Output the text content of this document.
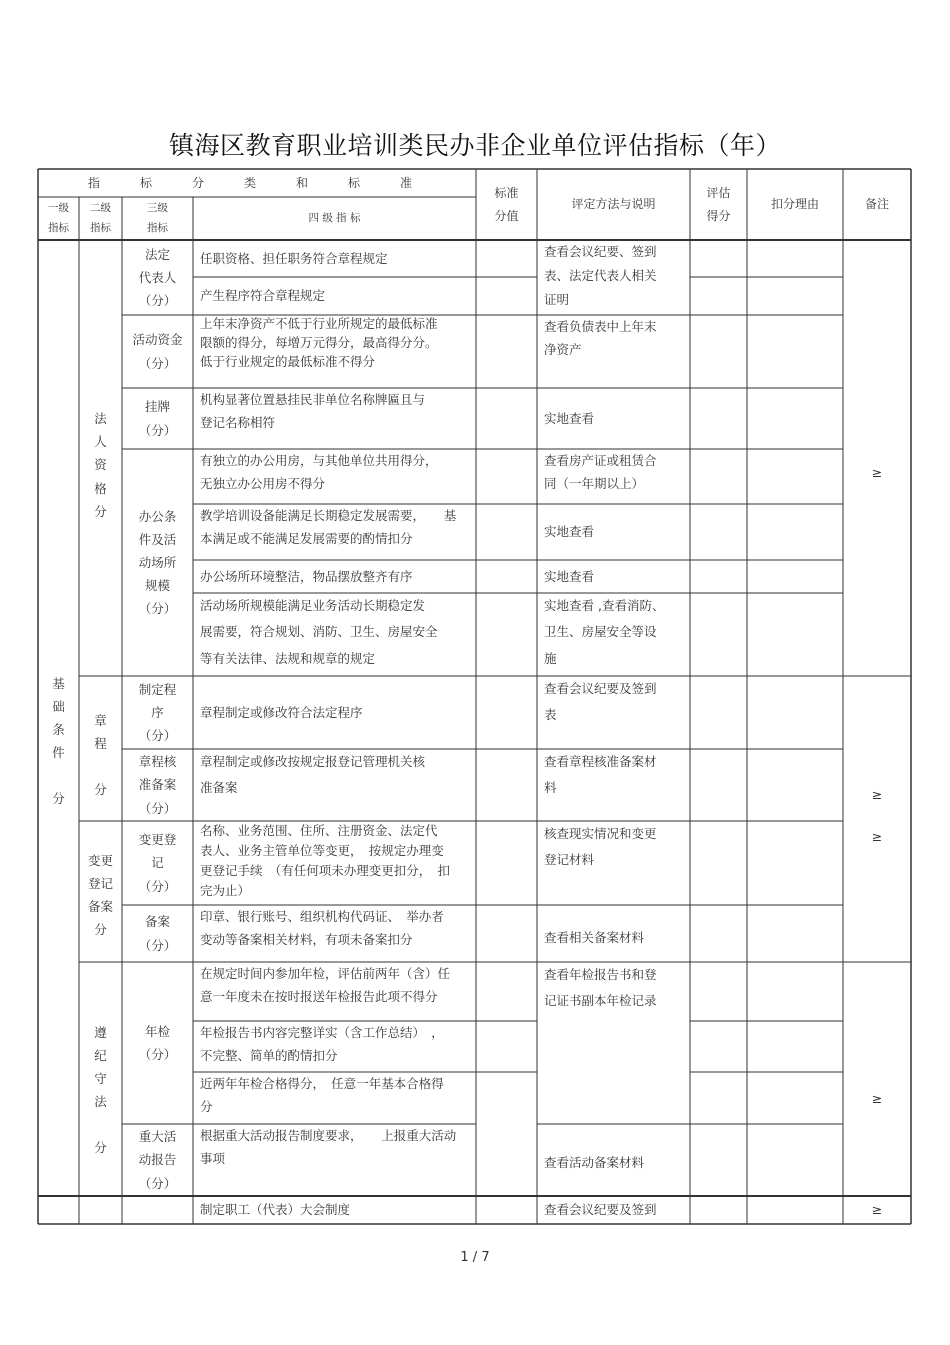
镇海区教育职业培训类民办非企业单位评估指标（年）
指　标　分　类　和　标　准
一级
指标
二级
指标
三级
指标
四 级 指 标
标准
分值
评定方法与说明
评估
得分
扣分理由	备注
基
础
条
件

分
法
人
资
格
分
章
程

分
变更
登记
备案
分
遵
纪
守
法

分
法定
代表人
（分）
活动资金
（分）
挂牌
（分）
办公条
件及活
动场所
规模
（分）
制定程
序
（分）
章程核
准备案
（分）
变更登
记
（分）
备案
（分）
年检
（分）
重大活
动报告
（分）
任职资格、担任职务符合章程规定
产生程序符合章程规定
上年末净资产不低于行业所规定的最低标准
限额的得分，每增万元得分，最高得分分。
低于行业规定的最低标准不得分
机构显著位置悬挂民非单位名称牌匾且与
登记名称相符
有独立的办公用房，与其他单位共用得分，
无独立办公用房不得分
教学培训设备能满足长期稳定发展需要，　　基
本满足或不能满足发展需要的酌情扣分
办公场所环境整洁，物品摆放整齐有序
活动场所规模能满足业务活动长期稳定发
展需要，符合规划、消防、卫生、房屋安全
等有关法律、法规和规章的规定
章程制定或修改符合法定程序
章程制定或修改按规定报登记管理机关核
准备案
名称、业务范围、住所、注册资金、法定代
表人、业务主管单位等变更，　按规定办理变
更登记手续　（有任何项未办理变更扣分，　扣
完为止）
印章、银行账号、组织机构代码证、　举办者
变动等备案相关材料，有项未备案扣分
在规定时间内参加年检，评估前两年（含）任
意一年度未在按时报送年检报告此项不得分
年检报告书内容完整详实（含工作总结）　，
不完整、简单的酌情扣分
近两年年检合格得分，　任意一年基本合格得
分
根据重大活动报告制度要求，　　上报重大活动
事项
制定职工（代表）大会制度
查看会议纪要、签到
表、法定代表人相关
证明
查看负债表中上年末
净资产
实地查看
查看房产证或租赁合
同（一年期以上）
实地查看
实地查看
实地查看 ,查看消防、
卫生、房屋安全等设
施
查看会议纪要及签到
表
查看章程核准备案材
料
核查现实情况和变更
登记材料
查看相关备案材料
查看年检报告书和登
记证书副本年检记录
查看活动备案材料
查看会议纪要及签到
≥
≥
≥
≥
≥
1 / 7
